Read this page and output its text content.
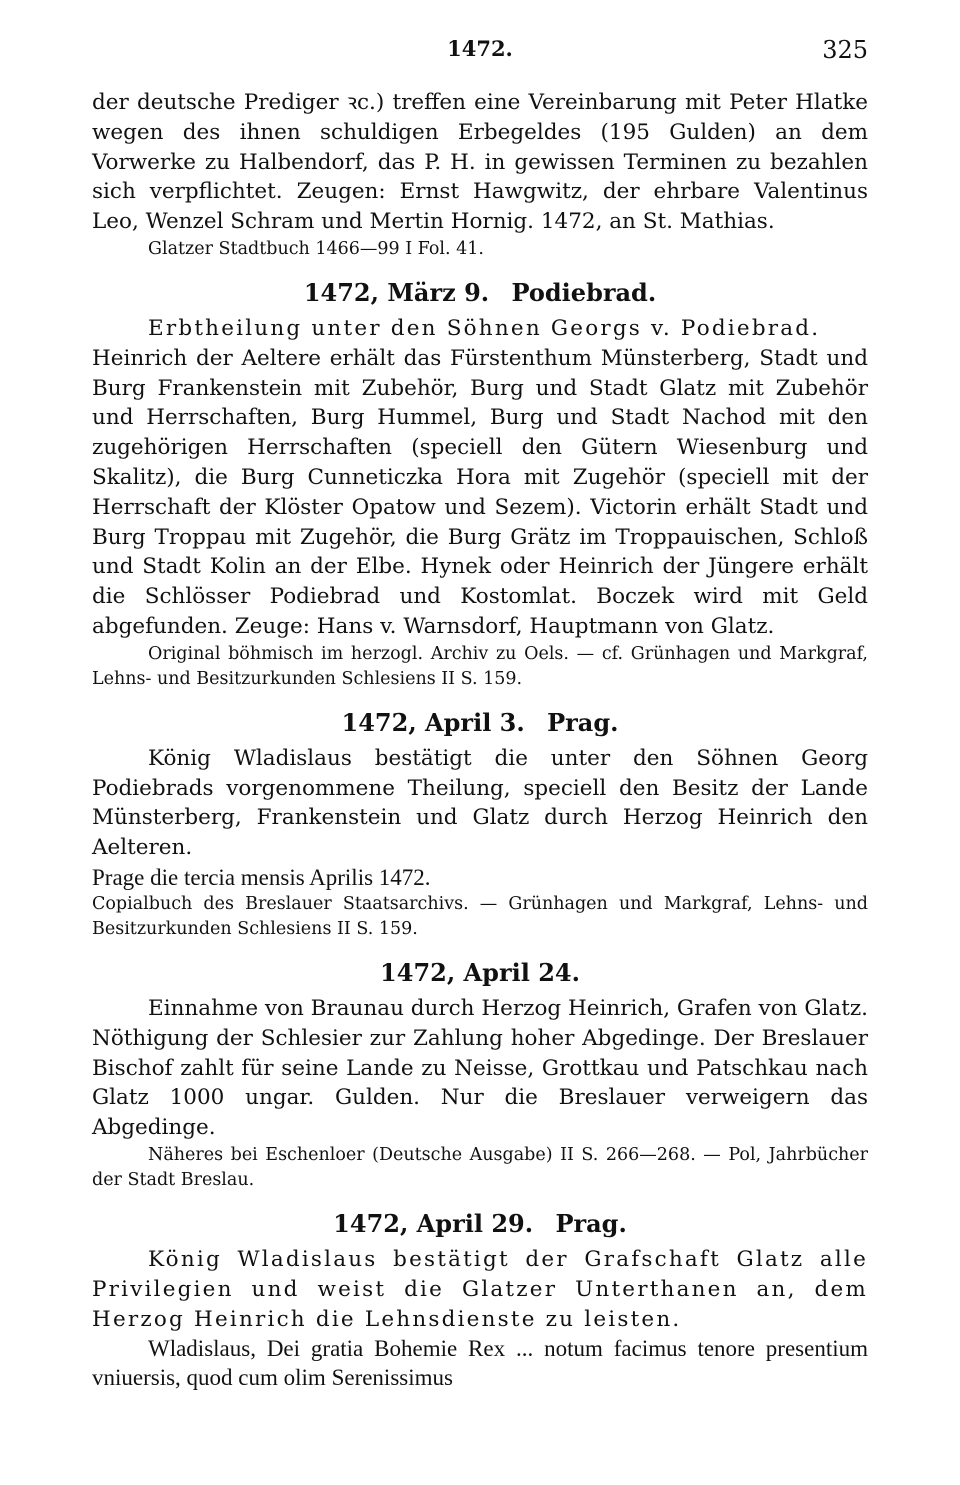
1472.	325

der deutsche Prediger ꝛc.) treffen eine Vereinbarung mit Peter Hlatke wegen des ihnen schuldigen Erbegeldes (195 Gulden) an dem Vorwerke zu Halbendorf, das P. H. in gewissen Terminen zu bezahlen sich verpflichtet. Zeugen: Ernst Hawgwitz, der ehrbare Valentinus Leo, Wenzel Schram und Mertin Hornig. 1472, an St. Mathias.

Glatzer Stadtbuch 1466—99 I Fol. 41.

1472, März 9. Podiebrad.

Erbtheilung unter den Söhnen Georgs v. Podiebrad.

Heinrich der Aeltere erhält das Fürstenthum Münsterberg, Stadt und Burg Frankenstein mit Zubehör, Burg und Stadt Glatz mit Zubehör und Herrschaften, Burg Hummel, Burg und Stadt Nachod mit den zugehörigen Herrschaften (speciell den Gütern Wiesenburg und Skalitz), die Burg Cunneticzka Hora mit Zugehör (speciell mit der Herrschaft der Klöster Opatow und Sezem). Victorin erhält Stadt und Burg Troppau mit Zugehör, die Burg Grätz im Troppauischen, Schloß und Stadt Kolin an der Elbe. Hynek oder Heinrich der Jüngere erhält die Schlösser Podiebrad und Kostomlat. Boczek wird mit Geld abgefunden. Zeuge: Hans v. Warnsdorf, Hauptmann von Glatz.

Original böhmisch im herzogl. Archiv zu Oels. — cf. Grünhagen und Markgraf, Lehns- und Besitzurkunden Schlesiens II S. 159.

1472, April 3. Prag.

König Wladislaus bestätigt die unter den Söhnen Georg Podiebrads vorgenommene Theilung, speciell den Besitz der Lande Münsterberg, Frankenstein und Glatz durch Herzog Heinrich den Aelteren.

Prage die tercia mensis Aprilis 1472.

Copialbuch des Breslauer Staatsarchivs. — Grünhagen und Markgraf, Lehns- und Besitzurkunden Schlesiens II S. 159.

1472, April 24.

Einnahme von Braunau durch Herzog Heinrich, Grafen von Glatz. Nöthigung der Schlesier zur Zahlung hoher Abgedinge. Der Breslauer Bischof zahlt für seine Lande zu Neisse, Grottkau und Patschkau nach Glatz 1000 ungar. Gulden. Nur die Breslauer verweigern das Abgedinge.

Näheres bei Eschenloer (Deutsche Ausgabe) II S. 266—268. — Pol, Jahrbücher der Stadt Breslau.

1472, April 29. Prag.

König Wladislaus bestätigt der Grafschaft Glatz alle Privilegien und weist die Glatzer Unterthanen an, dem Herzog Heinrich die Lehnsdienste zu leisten.

Wladislaus, Dei gratia Bohemie Rex ... notum facimus tenore presentium vniuersis, quod cum olim Serenissimus
